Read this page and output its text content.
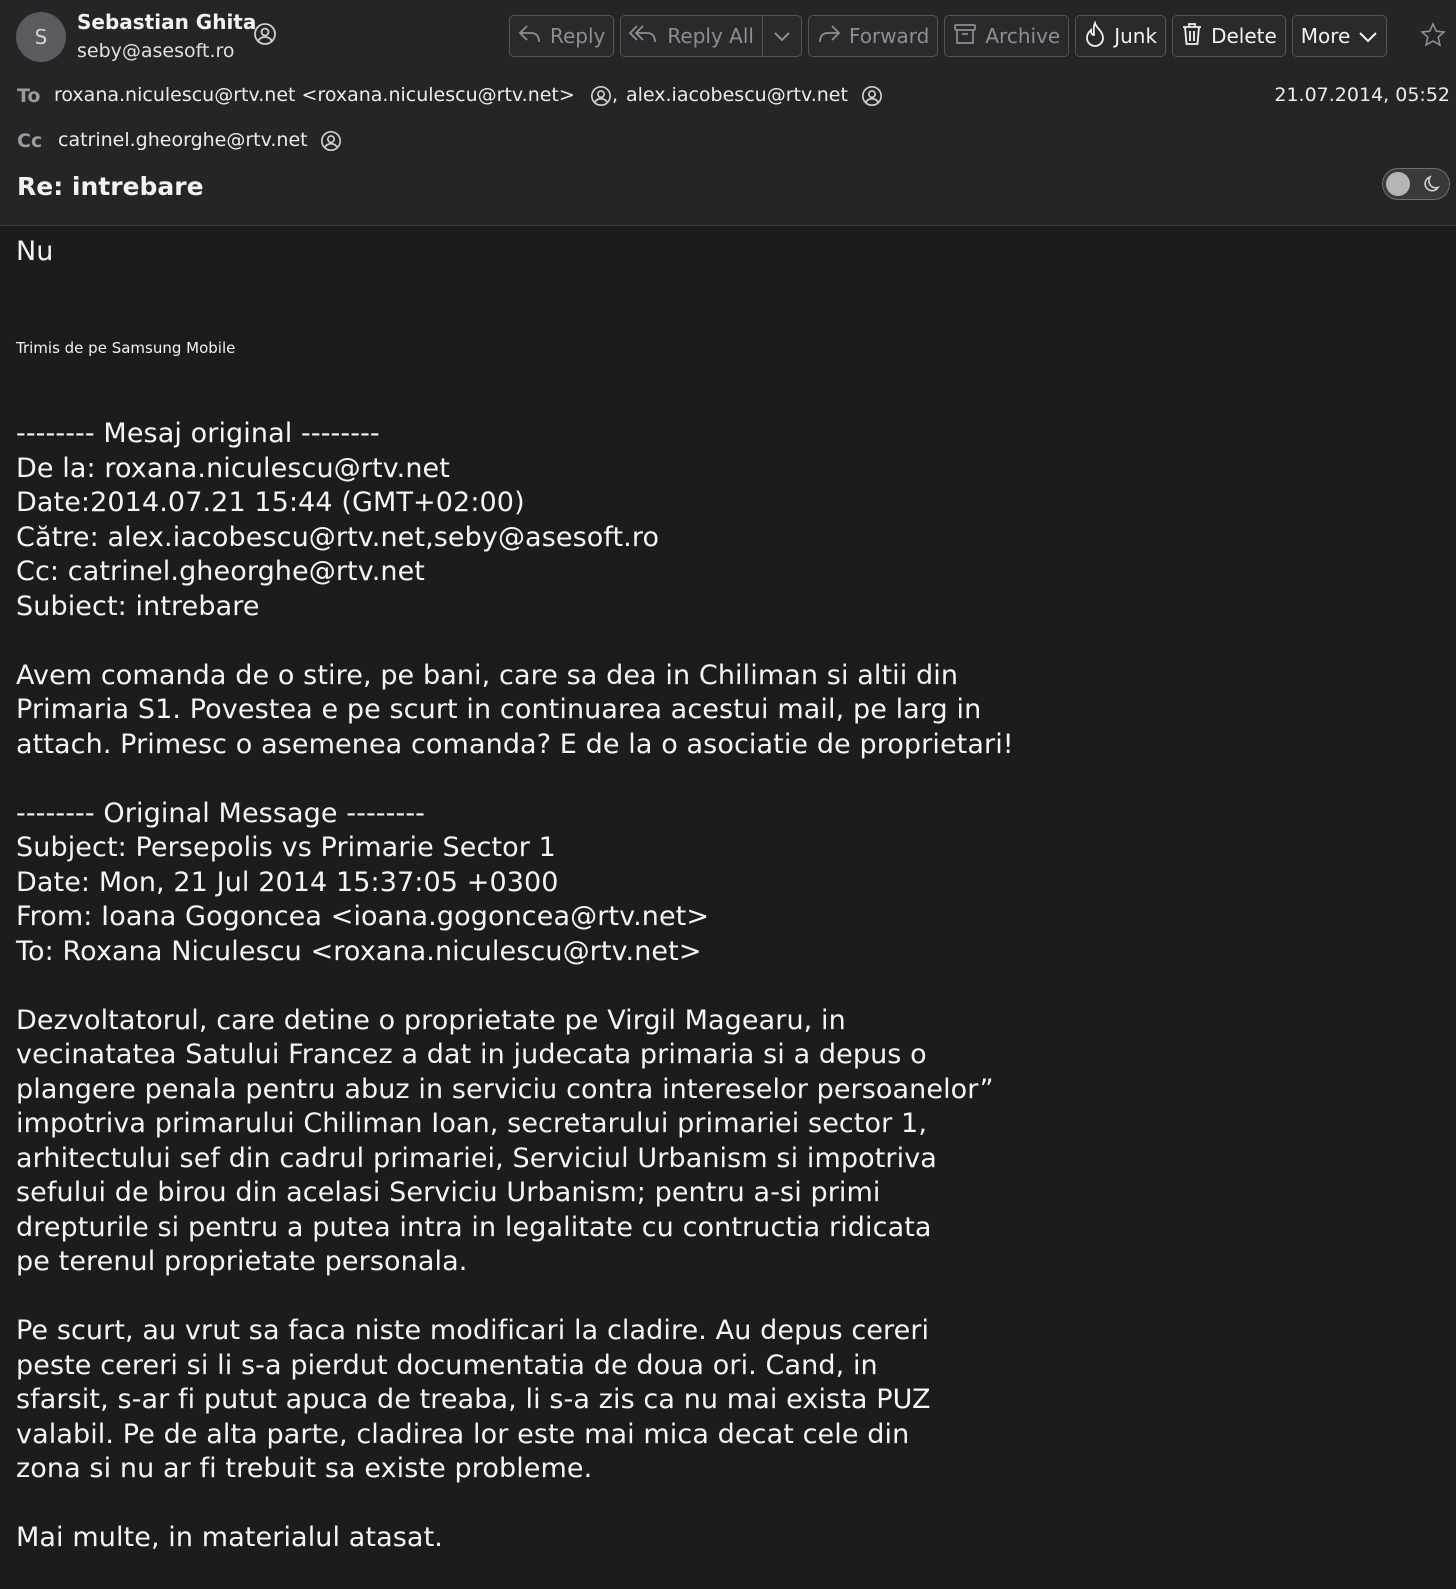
S
Sebastian Ghita
seby@asesoft.ro
Reply	Reply All	Forward	Archive	Junk	Delete More
To roxana.niculescu@rtv.net <roxana.niculescu@rtv.net> , alex.iacobescu@rtv.net	21.07.2014, 05:52
Cc catrinel.gheorghe@rtv.net
Re: intrebare

Nu

Trimis de pe Samsung Mobile
-------- Mesaj original --------
De la: roxana.niculescu@rtv.net
Date:2014.07.21 15:44 (GMT+02:00)
Către: alex.iacobescu@rtv.net,seby@asesoft.ro
Cc: catrinel.gheorghe@rtv.net
Subiect: intrebare

Avem comanda de o stire, pe bani, care sa dea in Chiliman si altii din
Primaria S1. Povestea e pe scurt in continuarea acestui mail, pe larg in
attach. Primesc o asemenea comanda? E de la o asociatie de proprietari!

-------- Original Message --------
Subject: Persepolis vs Primarie Sector 1
Date: Mon, 21 Jul 2014 15:37:05 +0300
From: Ioana Gogoncea <ioana.gogoncea@rtv.net>
To: Roxana Niculescu <roxana.niculescu@rtv.net>

Dezvoltatorul, care detine o proprietate pe Virgil Magearu, in
vecinatatea Satului Francez a dat in judecata primaria si a depus o
plangere penala pentru abuz in serviciu contra intereselor persoanelor”
impotriva primarului Chiliman Ioan, secretarului primariei sector 1,
arhitectului sef din cadrul primariei, Serviciul Urbanism si impotriva
sefului de birou din acelasi Serviciu Urbanism; pentru a-si primi
drepturile si pentru a putea intra in legalitate cu contructia ridicata
pe terenul proprietate personala.

Pe scurt, au vrut sa faca niste modificari la cladire. Au depus cereri
peste cereri si li s-a pierdut documentatia de doua ori. Cand, in
sfarsit, s-ar fi putut apuca de treaba, li s-a zis ca nu mai exista PUZ
valabil. Pe de alta parte, cladirea lor este mai mica decat cele din
zona si nu ar fi trebuit sa existe probleme.

Mai multe, in materialul atasat.
